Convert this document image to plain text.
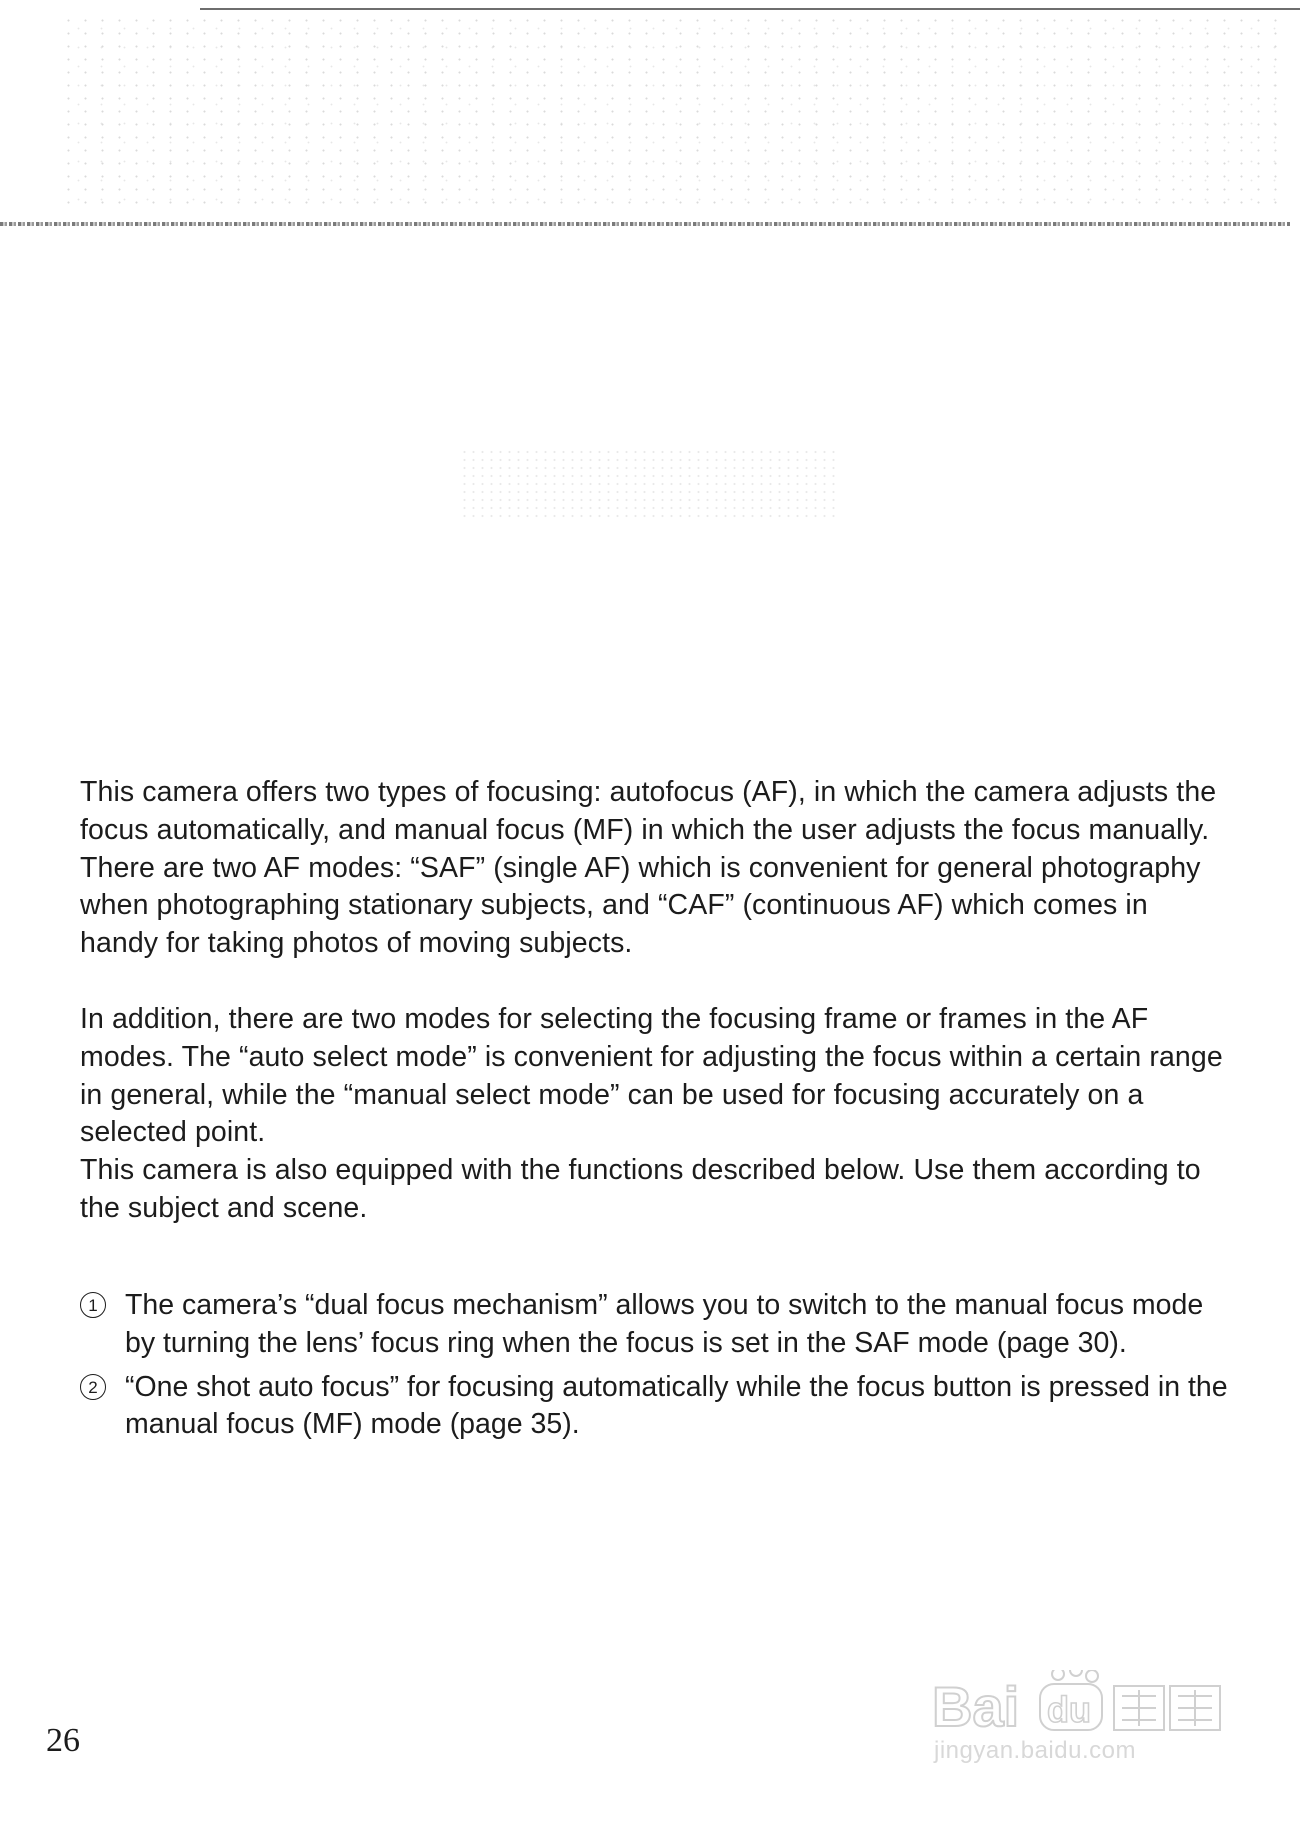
This camera offers two types of focusing: autofocus (AF), in which the camera adjusts the focus automatically, and manual focus (MF) in which the user adjusts the focus manually.

There are two AF modes: “SAF” (single AF) which is convenient for general photography when photographing stationary subjects, and “CAF” (continuous AF) which comes in handy for taking photos of moving subjects.

In addition, there are two modes for selecting the focusing frame or frames in the AF modes. The “auto select mode” is convenient for adjusting the focus within a certain range in general, while the “manual select mode” can be used for focusing accurately on a selected point.

This camera is also equipped with the functions described below. Use them according to the subject and scene.

1 The camera’s “dual focus mechanism” allows you to switch to the manual focus mode by turning the lens’ focus ring when the focus is set in the SAF mode (page 30).
2 “One shot auto focus” for focusing automatically while the focus button is pressed in the manual focus (MF) mode (page 35).
26
Bai du
jingyan.baidu.com
